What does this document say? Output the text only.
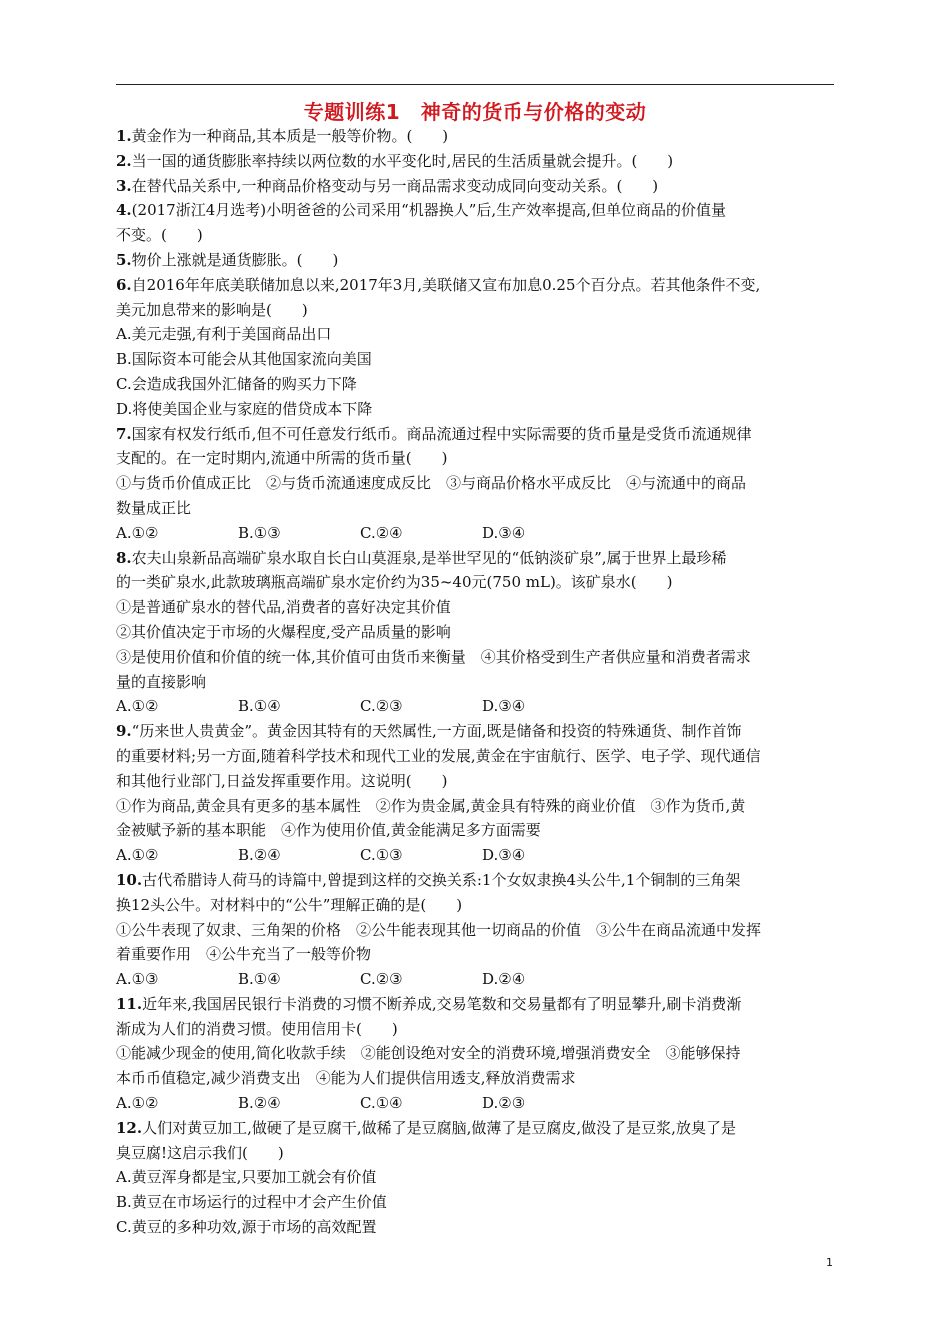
专题训练1　神奇的货币与价格的变动
1.黄金作为一种商品,其本质是一般等价物。(　　)
2.当一国的通货膨胀率持续以两位数的水平变化时,居民的生活质量就会提升。(　　)
3.在替代品关系中,一种商品价格变动与另一商品需求变动成同向变动关系。(　　)
4.(2017浙江4月选考)小明爸爸的公司采用“机器换人”后,生产效率提高,但单位商品的价值量
不变。(　　)
5.物价上涨就是通货膨胀。(　　)
6.自2016年年底美联储加息以来,2017年3月,美联储又宣布加息0.25个百分点。若其他条件不变,
美元加息带来的影响是(　　)
A.美元走强,有利于美国商品出口
B.国际资本可能会从其他国家流向美国
C.会造成我国外汇储备的购买力下降
D.将使美国企业与家庭的借贷成本下降
7.国家有权发行纸币,但不可任意发行纸币。商品流通过程中实际需要的货币量是受货币流通规律
支配的。在一定时期内,流通中所需的货币量(　　)
①与货币价值成正比　②与货币流通速度成反比　③与商品价格水平成反比　④与流通中的商品
数量成正比
A.①②	B.①③	C.②④	D.③④
8.农夫山泉新品高端矿泉水取自长白山莫涯泉,是举世罕见的“低钠淡矿泉”,属于世界上最珍稀
的一类矿泉水,此款玻璃瓶高端矿泉水定价约为35~40元(750 mL)。该矿泉水(　　)
①是普通矿泉水的替代品,消费者的喜好决定其价值
②其价值决定于市场的火爆程度,受产品质量的影响
③是使用价值和价值的统一体,其价值可由货币来衡量　④其价格受到生产者供应量和消费者需求
量的直接影响
A.①②	B.①④	C.②③	D.③④
9.“历来世人贵黄金”。黄金因其特有的天然属性,一方面,既是储备和投资的特殊通货、制作首饰
的重要材料;另一方面,随着科学技术和现代工业的发展,黄金在宇宙航行、医学、电子学、现代通信
和其他行业部门,日益发挥重要作用。这说明(　　)
①作为商品,黄金具有更多的基本属性　②作为贵金属,黄金具有特殊的商业价值　③作为货币,黄
金被赋予新的基本职能　④作为使用价值,黄金能满足多方面需要
A.①②	B.②④	C.①③	D.③④
10.古代希腊诗人荷马的诗篇中,曾提到这样的交换关系:1个女奴隶换4头公牛,1个铜制的三角架
换12头公牛。对材料中的“公牛”理解正确的是(　　)
①公牛表现了奴隶、三角架的价格　②公牛能表现其他一切商品的价值　③公牛在商品流通中发挥
着重要作用　④公牛充当了一般等价物
A.①③	B.①④	C.②③	D.②④
11.近年来,我国居民银行卡消费的习惯不断养成,交易笔数和交易量都有了明显攀升,刷卡消费渐
渐成为人们的消费习惯。使用信用卡(　　)
①能减少现金的使用,简化收款手续　②能创设绝对安全的消费环境,增强消费安全　③能够保持
本币币值稳定,减少消费支出　④能为人们提供信用透支,释放消费需求
A.①②	B.②④	C.①④	D.②③
12.人们对黄豆加工,做硬了是豆腐干,做稀了是豆腐脑,做薄了是豆腐皮,做没了是豆浆,放臭了是
臭豆腐!这启示我们(　　)
A.黄豆浑身都是宝,只要加工就会有价值
B.黄豆在市场运行的过程中才会产生价值
C.黄豆的多种功效,源于市场的高效配置
1
